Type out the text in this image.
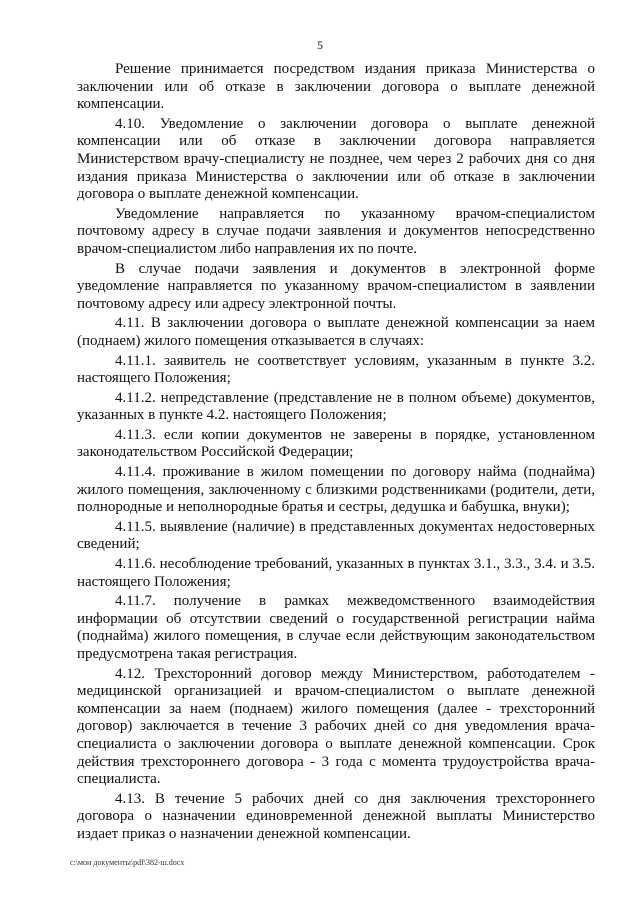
5

Решение принимается посредством издания приказа Министерства о заключении или об отказе в заключении договора о выплате денежной компенсации.

4.10. Уведомление о заключении договора о выплате денежной компенсации или об отказе в заключении договора направляется Министерством врачу-специалисту не позднее, чем через 2 рабочих дня со дня издания приказа Министерства о заключении или об отказе в заключении договора о выплате денежной компенсации.

Уведомление направляется по указанному врачом-специалистом почтовому адресу в случае подачи заявления и документов непосредственно врачом-специалистом либо направления их по почте.

В случае подачи заявления и документов в электронной форме уведомление направляется по указанному врачом-специалистом в заявлении почтовому адресу или адресу электронной почты.

4.11. В заключении договора о выплате денежной компенсации за наем (поднаем) жилого помещения отказывается в случаях:

4.11.1. заявитель не соответствует условиям, указанным в пункте 3.2. настоящего Положения;

4.11.2. непредставление (представление не в полном объеме) документов, указанных в пункте 4.2. настоящего Положения;

4.11.3. если копии документов не заверены в порядке, установленном законодательством Российской Федерации;

4.11.4. проживание в жилом помещении по договору найма (поднайма) жилого помещения, заключенному с близкими родственниками (родители, дети, полнородные и неполнородные братья и сестры, дедушка и бабушка, внуки);

4.11.5. выявление (наличие) в представленных документах недостоверных сведений;

4.11.6. несоблюдение требований, указанных в пунктах 3.1., 3.3., 3.4. и 3.5. настоящего Положения;

4.11.7. получение в рамках межведомственного взаимодействия информации об отсутствии сведений о государственной регистрации найма (поднайма) жилого помещения, в случае если действующим законодательством предусмотрена такая регистрация.

4.12. Трехсторонний договор между Министерством, работодателем - медицинской организацией и врачом-специалистом о выплате денежной компенсации за наем (поднаем) жилого помещения (далее - трехсторонний договор) заключается в течение 3 рабочих дней со дня уведомления врача-специалиста о заключении договора о выплате денежной компенсации. Срок действия трехстороннего договора - 3 года с момента трудоустройства врача-специалиста.

4.13. В течение 5 рабочих дней со дня заключения трехстороннего договора о назначении единовременной денежной выплаты Министерство издает приказ о назначении денежной компенсации.

c:\мои документы\pdf\382-ш.docx
